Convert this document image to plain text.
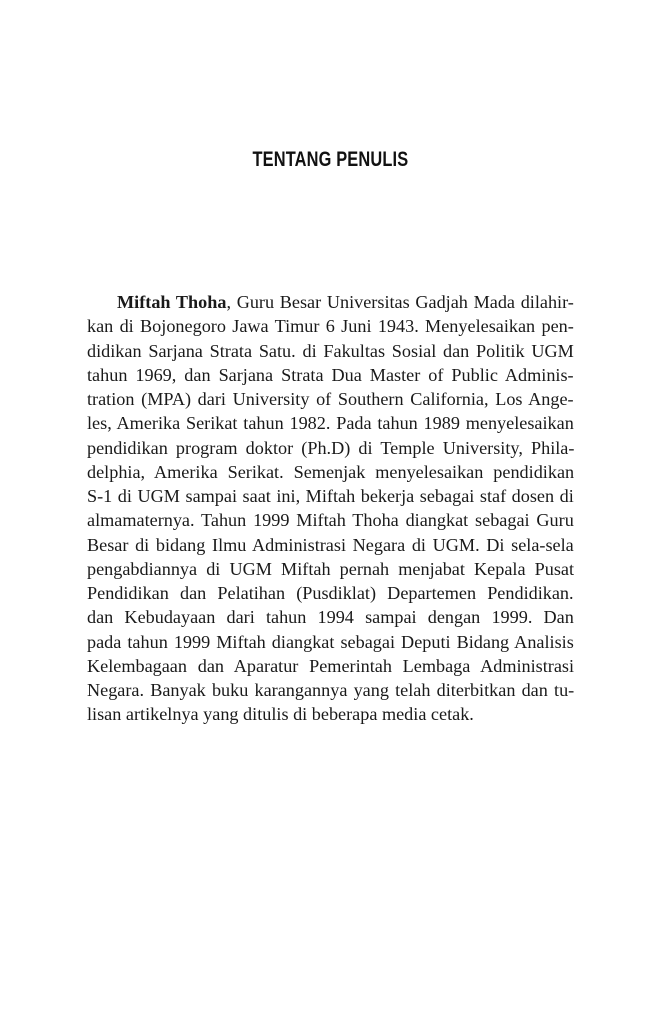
TENTANG PENULIS
Miftah Thoha, Guru Besar Universitas Gadjah Mada dilahir-
kan di Bojonegoro Jawa Timur 6 Juni 1943. Menyelesaikan pen-
didikan Sarjana Strata Satu. di Fakultas Sosial dan Politik UGM
tahun 1969, dan Sarjana Strata Dua Master of Public Adminis-
tration (MPA) dari University of Southern California, Los Ange-
les, Amerika Serikat tahun 1982. Pada tahun 1989 menyelesaikan
pendidikan program doktor (Ph.D) di Temple University, Phila-
delphia, Amerika Serikat. Semenjak menyelesaikan pendidikan
S-1 di UGM sampai saat ini, Miftah bekerja sebagai staf dosen di
almamaternya. Tahun 1999 Miftah Thoha diangkat sebagai Guru
Besar di bidang Ilmu Administrasi Negara di UGM. Di sela-sela
pengabdiannya di UGM Miftah pernah menjabat Kepala Pusat
Pendidikan dan Pelatihan (Pusdiklat) Departemen Pendidikan.
dan Kebudayaan dari tahun 1994 sampai dengan 1999. Dan
pada tahun 1999 Miftah diangkat sebagai Deputi Bidang Analisis
Kelembagaan dan Aparatur Pemerintah Lembaga Administrasi
Negara. Banyak buku karangannya yang telah diterbitkan dan tu-
lisan artikelnya yang ditulis di beberapa media cetak.
